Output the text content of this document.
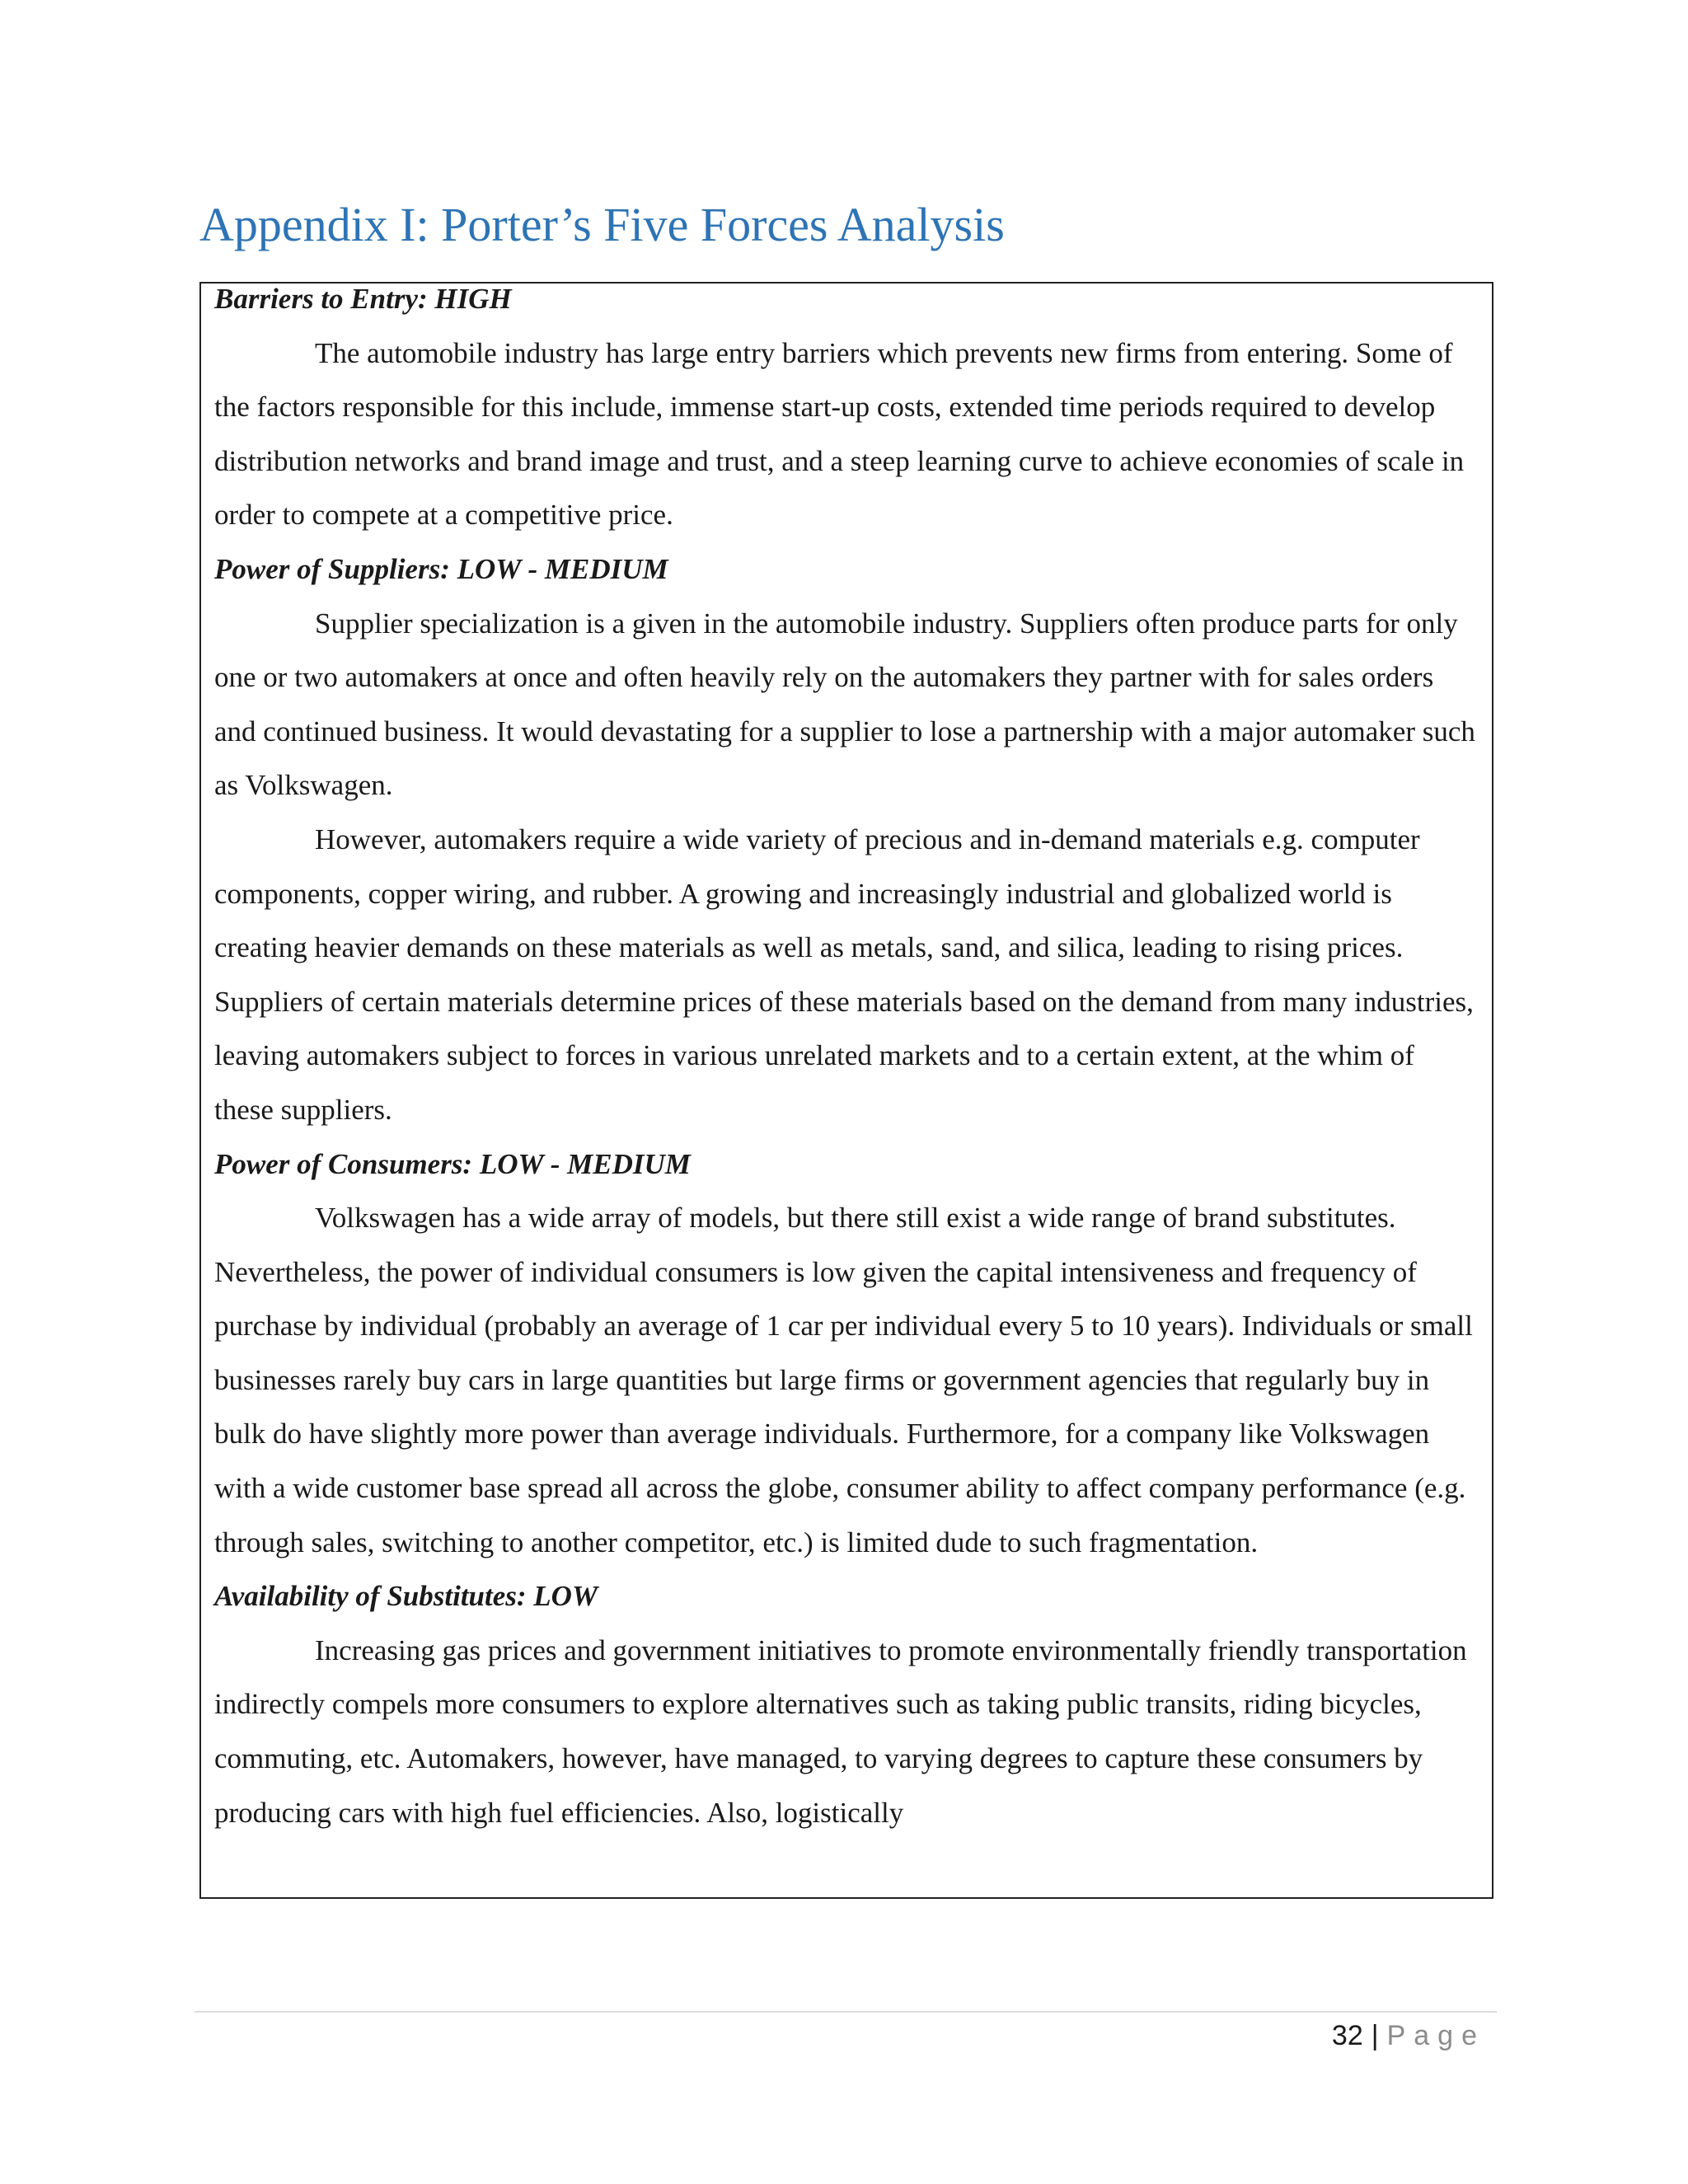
Appendix I: Porter’s Five Forces Analysis
Barriers to Entry: HIGH

The automobile industry has large entry barriers which prevents new firms from entering. Some of the factors responsible for this include, immense start-up costs, extended time periods required to develop distribution networks and brand image and trust, and a steep learning curve to achieve economies of scale in order to compete at a competitive price.

Power of Suppliers: LOW - MEDIUM

Supplier specialization is a given in the automobile industry. Suppliers often produce parts for only one or two automakers at once and often heavily rely on the automakers they partner with for sales orders and continued business. It would devastating for a supplier to lose a partnership with a major automaker such as Volkswagen.

However, automakers require a wide variety of precious and in-demand materials e.g. computer components, copper wiring, and rubber. A growing and increasingly industrial and globalized world is creating heavier demands on these materials as well as metals, sand, and silica, leading to rising prices. Suppliers of certain materials determine prices of these materials based on the demand from many industries, leaving automakers subject to forces in various unrelated markets and to a certain extent, at the whim of these suppliers.

Power of Consumers: LOW - MEDIUM

Volkswagen has a wide array of models, but there still exist a wide range of brand substitutes. Nevertheless, the power of individual consumers is low given the capital intensiveness and frequency of purchase by individual (probably an average of 1 car per individual every 5 to 10 years). Individuals or small businesses rarely buy cars in large quantities but large firms or government agencies that regularly buy in bulk do have slightly more power than average individuals. Furthermore, for a company like Volkswagen with a wide customer base spread all across the globe, consumer ability to affect company performance (e.g. through sales, switching to another competitor, etc.) is limited dude to such fragmentation.

Availability of Substitutes: LOW

Increasing gas prices and government initiatives to promote environmentally friendly transportation indirectly compels more consumers to explore alternatives such as taking public transits, riding bicycles, commuting, etc. Automakers, however, have managed, to varying degrees to capture these consumers by producing cars with high fuel efficiencies. Also, logistically

32 | Page
